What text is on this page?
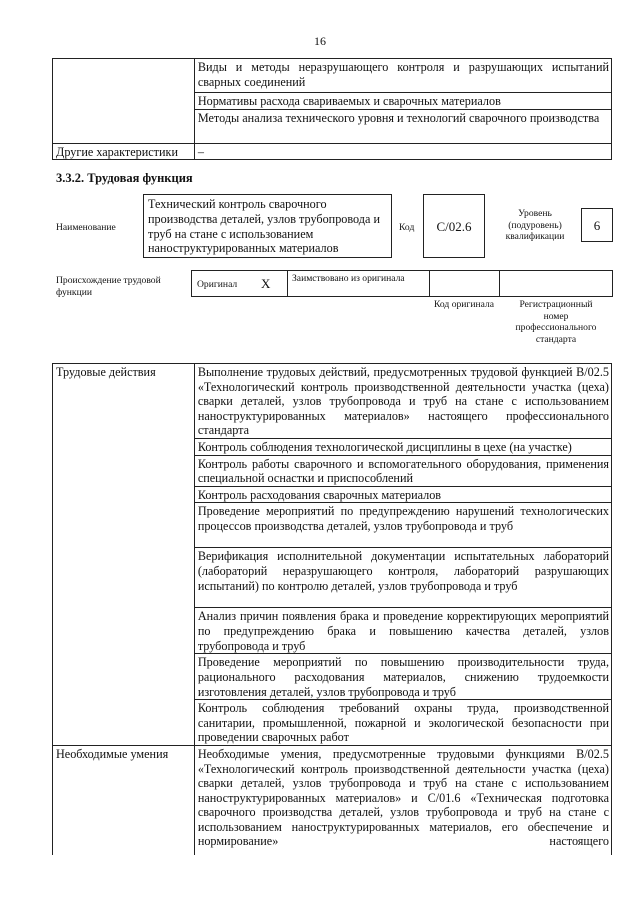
16
	Виды и методы неразрушающего контроля и разрушающих испытаний сварных соединений
	Нормативы расхода свариваемых и сварочных материалов
	Методы анализа технического уровня и технологий сварочного производства
Другие характеристики	–
3.3.2. Трудовая функция
Наименование
Технический контроль сварочного производства деталей, узлов трубопровода и труб на стане с использованием наноструктурированных материалов
Код	С/02.6
Уровень (подуровень) квалификации
6
Происхождение трудовой функции
Оригинал X Заимствовано из оригинала
Код оригинала	Регистрационный номер профессионального стандарта
Трудовые действия	Выполнение трудовых действий, предусмотренных трудовой функцией В/02.5 «Технологический контроль производственной деятельности участка (цеха) сварки деталей, узлов трубопровода и труб на стане с использованием наноструктурированных материалов» настоящего профессионального стандарта
	Контроль соблюдения технологической дисциплины в цехе (на участке)
	Контроль работы сварочного и вспомогательного оборудования, применения специальной оснастки и приспособлений
	Контроль расходования сварочных материалов
	Проведение мероприятий по предупреждению нарушений технологических процессов производства деталей, узлов трубопровода и труб
	Верификация исполнительной документации испытательных лабораторий (лабораторий неразрушающего контроля, лабораторий разрушающих испытаний) по контролю деталей, узлов трубопровода и труб
	Анализ причин появления брака и проведение корректирующих мероприятий по предупреждению брака и повышению качества деталей, узлов трубопровода и труб
	Проведение мероприятий по повышению производительности труда, рационального расходования материалов, снижению трудоемкости изготовления деталей, узлов трубопровода и труб
	Контроль соблюдения требований охраны труда, производственной санитарии, промышленной, пожарной и экологической безопасности при проведении сварочных работ
Необходимые умения	Необходимые умения, предусмотренные трудовыми функциями В/02.5 «Технологический контроль производственной деятельности участка (цеха) сварки деталей, узлов трубопровода и труб на стане с использованием наноструктурированных материалов» и С/01.6 «Техническая подготовка сварочного производства деталей, узлов трубопровода и труб на стане с использованием наноструктурированных материалов, его обеспечение и нормирование» настоящего
